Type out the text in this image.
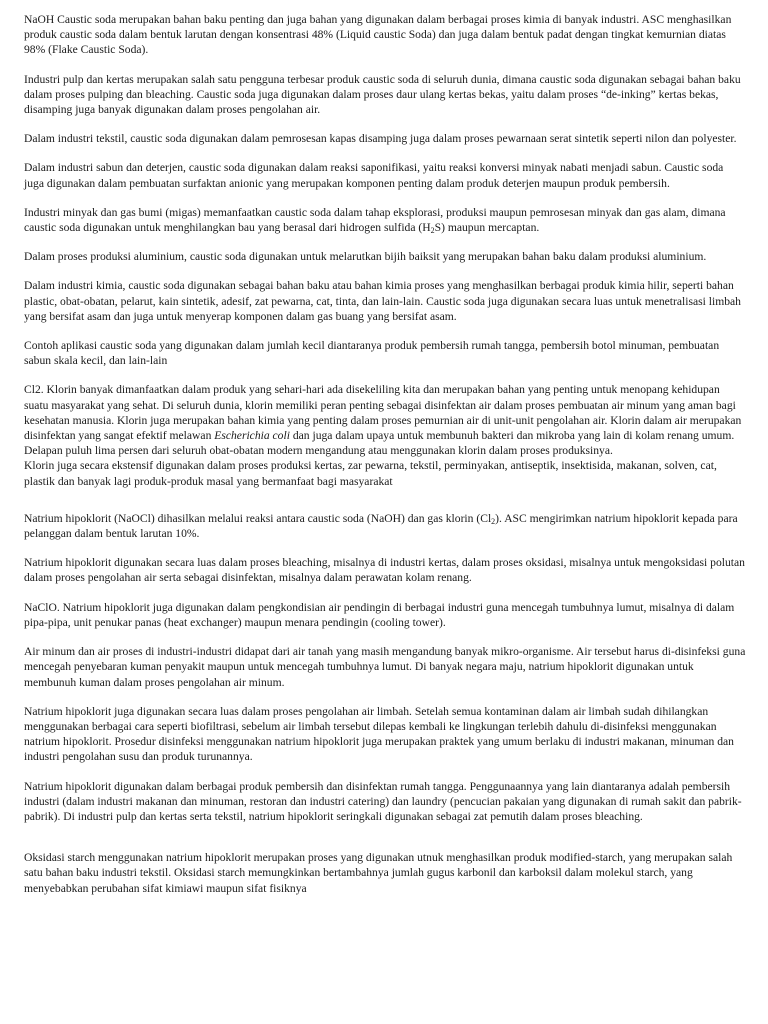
NaOH Caustic soda merupakan bahan baku penting dan juga bahan yang digunakan dalam berbagai proses kimia di banyak industri. ASC menghasilkan produk caustic soda dalam bentuk larutan dengan konsentrasi 48% (Liquid caustic Soda) dan juga dalam bentuk padat dengan tingkat kemurnian diatas 98% (Flake Caustic Soda).

Industri pulp dan kertas merupakan salah satu pengguna terbesar produk caustic soda di seluruh dunia, dimana caustic soda digunakan sebagai bahan baku dalam proses pulping dan bleaching. Caustic soda juga digunakan dalam proses daur ulang kertas bekas, yaitu dalam proses “de-inking” kertas bekas, disamping juga banyak digunakan dalam proses pengolahan air.

Dalam industri tekstil, caustic soda digunakan dalam pemrosesan kapas disamping juga dalam proses pewarnaan serat sintetik seperti nilon dan polyester.

Dalam industri sabun dan deterjen, caustic soda digunakan dalam reaksi saponifikasi, yaitu reaksi konversi minyak nabati menjadi sabun. Caustic soda juga digunakan dalam pembuatan surfaktan anionic yang merupakan komponen penting dalam produk deterjen maupun produk pembersih.

Industri minyak dan gas bumi (migas) memanfaatkan caustic soda dalam tahap eksplorasi, produksi maupun pemrosesan minyak dan gas alam, dimana caustic soda digunakan untuk menghilangkan bau yang berasal dari hidrogen sulfida $(H_2S)$ maupun mercaptan.

Dalam proses produksi aluminium, caustic soda digunakan untuk melarutkan bijih baiksit yang merupakan bahan baku dalam produksi aluminium.

Dalam industri kimia, caustic soda digunakan sebagai bahan baku atau bahan kimia proses yang menghasilkan berbagai produk kimia hilir, seperti bahan plastic, obat-obatan, pelarut, kain sintetik, adesif, zat pewarna, cat, tinta, dan lain-lain. Caustic soda juga digunakan secara luas untuk menetralisasi limbah yang bersifat asam dan juga untuk menyerap komponen dalam gas buang yang bersifat asam.

Contoh aplikasi caustic soda yang digunakan dalam jumlah kecil diantaranya produk pembersih rumah tangga, pembersih botol minuman, pembuatan sabun skala kecil, dan lain-lain

Cl2. Klorin banyak dimanfaatkan dalam produk yang sehari-hari ada disekeliling kita dan merupakan bahan yang penting untuk menopang kehidupan suatu masyarakat yang sehat. Di seluruh dunia, klorin memiliki peran penting sebagai disinfektan air dalam proses pembuatan air minum yang aman bagi kesehatan manusia. Klorin juga merupakan bahan kimia yang penting dalam proses pemurnian air di unit-unit pengolahan air. Klorin dalam air merupakan disinfektan yang sangat efektif melawan Escherichia coli dan juga dalam upaya untuk membunuh bakteri dan mikroba yang lain di kolam renang umum.

Delapan puluh lima persen dari seluruh obat-obatan modern mengandung atau menggunakan klorin dalam proses produksinya.

Klorin juga secara ekstensif digunakan dalam proses produksi kertas, zar pewarna, tekstil, perminyakan, antiseptik, insektisida, makanan, solven, cat, plastik dan banyak lagi produk-produk masal yang bermanfaat bagi masyarakat

Natrium hipoklorit (NaOCl) dihasilkan melalui reaksi antara caustic soda (NaOH) dan gas klorin $(Cl_2)$. ASC mengirimkan natrium hipoklorit kepada para pelanggan dalam bentuk larutan 10%.

Natrium hipoklorit digunakan secara luas dalam proses bleaching, misalnya di industri kertas, dalam proses oksidasi, misalnya untuk mengoksidasi polutan dalam proses pengolahan air serta sebagai disinfektan, misalnya dalam perawatan kolam renang.

NaClO. Natrium hipoklorit juga digunakan dalam pengkondisian air pendingin di berbagai industri guna mencegah tumbuhnya lumut, misalnya di dalam pipa-pipa, unit penukar panas (heat exchanger) maupun menara pendingin (cooling tower).

Air minum dan air proses di industri-industri didapat dari air tanah yang masih mengandung banyak mikro-organisme. Air tersebut harus di-disinfeksi guna mencegah penyebaran kuman penyakit maupun untuk mencegah tumbuhnya lumut. Di banyak negara maju, natrium hipoklorit digunakan untuk membunuh kuman dalam proses pengolahan air minum.

Natrium hipoklorit juga digunakan secara luas dalam proses pengolahan air limbah. Setelah semua kontaminan dalam air limbah sudah dihilangkan menggunakan berbagai cara seperti biofiltrasi, sebelum air limbah tersebut dilepas kembali ke lingkungan terlebih dahulu di-disinfeksi menggunakan natrium hipoklorit. Prosedur disinfeksi menggunakan natrium hipoklorit juga merupakan praktek yang umum berlaku di industri makanan, minuman dan industri pengolahan susu dan produk turunannya.

Natrium hipoklorit digunakan dalam berbagai produk pembersih dan disinfektan rumah tangga. Penggunaannya yang lain diantaranya adalah pembersih industri (dalam industri makanan dan minuman, restoran dan industri catering) dan laundry (pencucian pakaian yang digunakan di rumah sakit dan pabrik-pabrik). Di industri pulp dan kertas serta tekstil, natrium hipoklorit seringkali digunakan sebagai zat pemutih dalam proses bleaching.

Oksidasi starch menggunakan natrium hipoklorit merupakan proses yang digunakan utnuk menghasilkan produk modified-starch, yang merupakan salah satu bahan baku industri tekstil. Oksidasi starch memungkinkan bertambahnya jumlah gugus karbonil dan karboksil dalam molekul starch, yang menyebabkan perubahan sifat kimiawi maupun sifat fisiknya
